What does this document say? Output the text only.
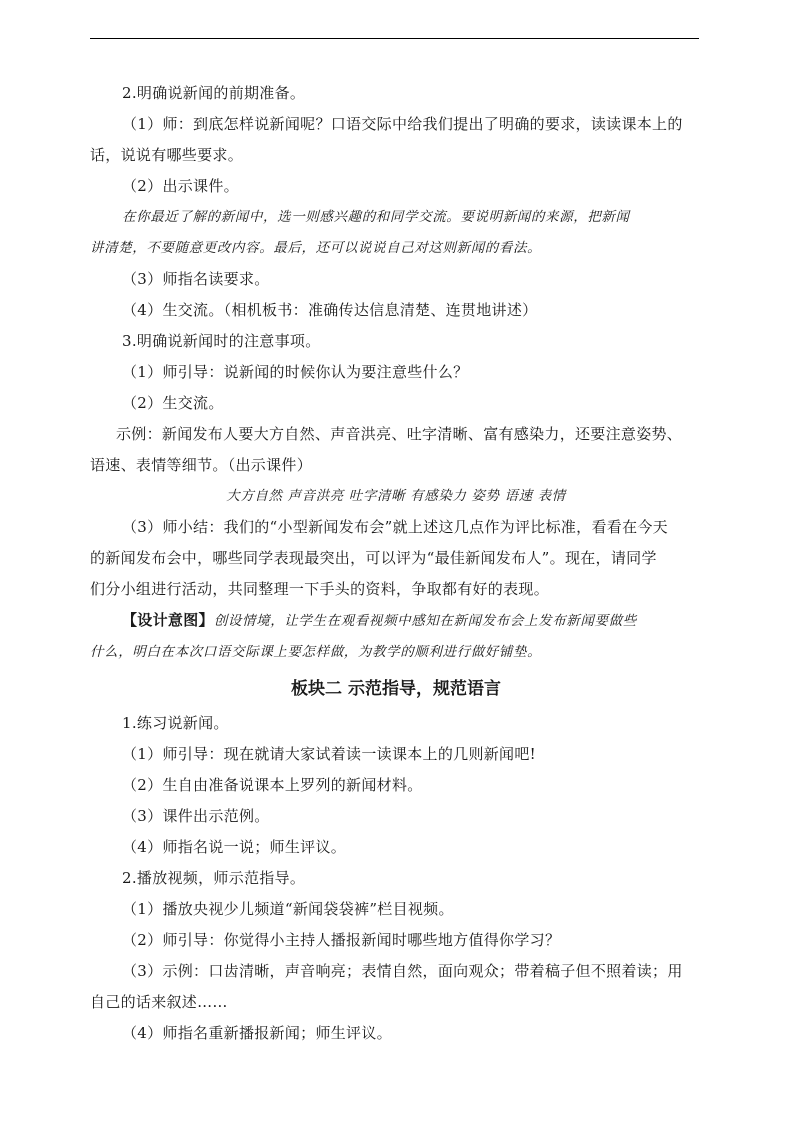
2.明确说新闻的前期准备。

（1）师：到底怎样说新闻呢？口语交际中给我们提出了明确的要求，读读课本上的

话，说说有哪些要求。

（2）出示课件。

在你最近了解的新闻中，选一则感兴趣的和同学交流。要说明新闻的来源，把新闻

讲清楚，不要随意更改内容。最后，还可以说说自己对这则新闻的看法。

（3）师指名读要求。

（4）生交流。（相机板书：准确传达信息清楚、连贯地讲述）

3.明确说新闻时的注意事项。

（1）师引导：说新闻的时候你认为要注意些什么？

（2）生交流。

示例：新闻发布人要大方自然、声音洪亮、吐字清晰、富有感染力，还要注意姿势、

语速、表情等细节。（出示课件）

大方自然 声音洪亮 吐字清晰 有感染力 姿势 语速 表情

（3）师小结：我们的“小型新闻发布会”就上述这几点作为评比标准，看看在今天

的新闻发布会中，哪些同学表现最突出，可以评为“最佳新闻发布人”。现在，请同学

们分小组进行活动，共同整理一下手头的资料，争取都有好的表现。

【设计意图】创设情境，让学生在观看视频中感知在新闻发布会上发布新闻要做些

什么，明白在本次口语交际课上要怎样做，为教学的顺利进行做好铺垫。

板块二 示范指导，规范语言

1.练习说新闻。

（1）师引导：现在就请大家试着读一读课本上的几则新闻吧!

（2）生自由准备说课本上罗列的新闻材料。

（3）课件出示范例。

（4）师指名说一说；师生评议。

2.播放视频，师示范指导。

（1）播放央视少儿频道“新闻袋袋裤”栏目视频。

（2）师引导：你觉得小主持人播报新闻时哪些地方值得你学习？

（3）示例：口齿清晰，声音响亮；表情自然，面向观众；带着稿子但不照着读；用

自己的话来叙述……

（4）师指名重新播报新闻；师生评议。
